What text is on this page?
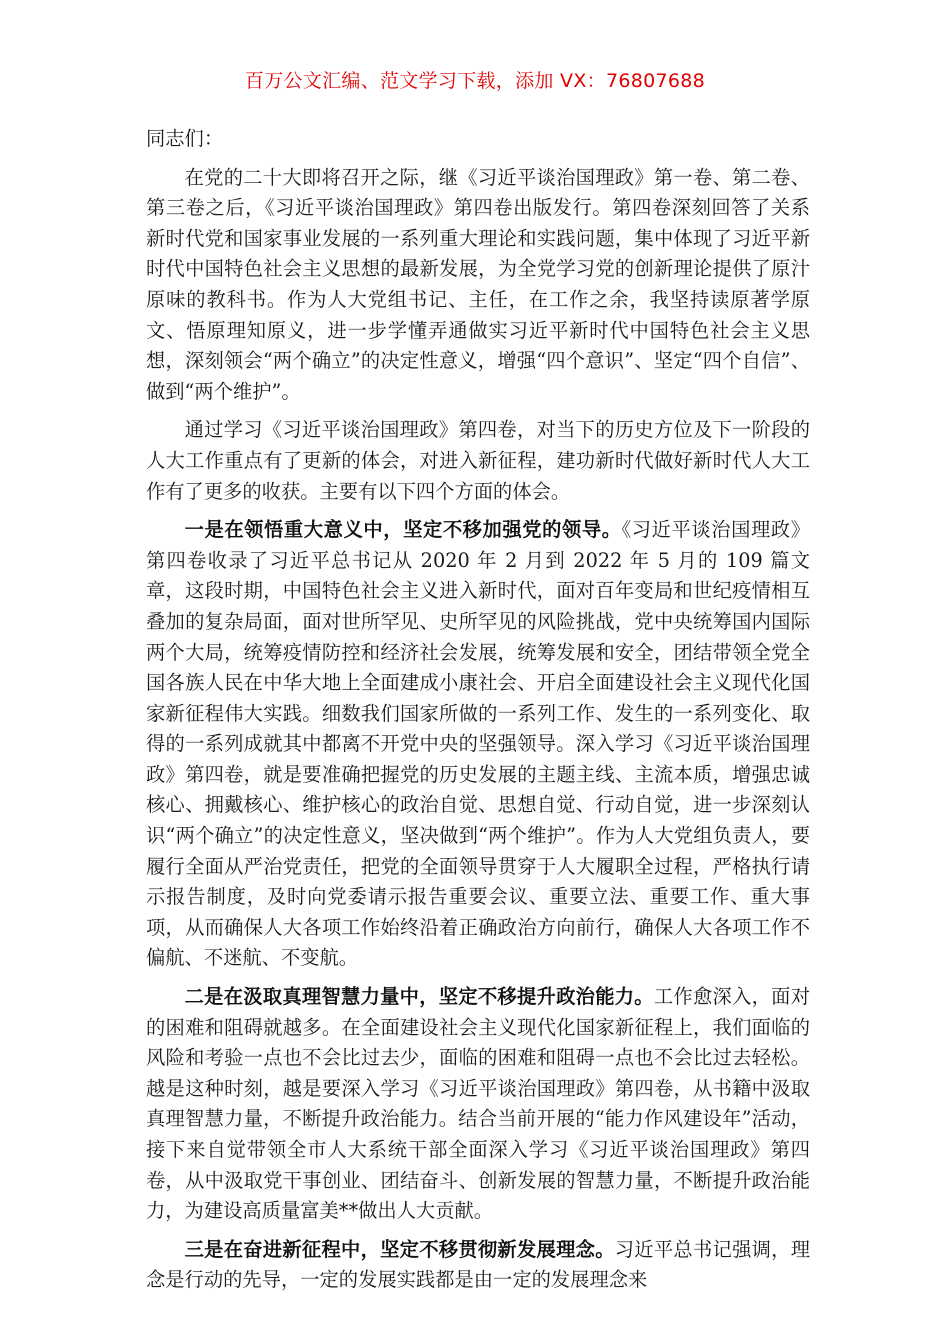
百万公文汇编、范文学习下载，添加 VX：76807688

同志们：

在党的二十大即将召开之际，继《习近平谈治国理政》第一卷、第二卷、第三卷之后，《习近平谈治国理政》第四卷出版发行。第四卷深刻回答了关系新时代党和国家事业发展的一系列重大理论和实践问题，集中体现了习近平新时代中国特色社会主义思想的最新发展，为全党学习党的创新理论提供了原汁原味的教科书。作为人大党组书记、主任，在工作之余，我坚持读原著学原文、悟原理知原义，进一步学懂弄通做实习近平新时代中国特色社会主义思想，深刻领会“两个确立”的决定性意义，增强“四个意识”、坚定“四个自信”、做到“两个维护”。

通过学习《习近平谈治国理政》第四卷，对当下的历史方位及下一阶段的人大工作重点有了更新的体会，对进入新征程，建功新时代做好新时代人大工作有了更多的收获。主要有以下四个方面的体会。

一是在领悟重大意义中，坚定不移加强党的领导。《习近平谈治国理政》第四卷收录了习近平总书记从 2020 年 2 月到 2022 年 5 月的 109 篇文章，这段时期，中国特色社会主义进入新时代，面对百年变局和世纪疫情相互叠加的复杂局面，面对世所罕见、史所罕见的风险挑战，党中央统筹国内国际两个大局，统筹疫情防控和经济社会发展，统筹发展和安全，团结带领全党全国各族人民在中华大地上全面建成小康社会、开启全面建设社会主义现代化国家新征程伟大实践。细数我们国家所做的一系列工作、发生的一系列变化、取得的一系列成就其中都离不开党中央的坚强领导。深入学习《习近平谈治国理政》第四卷，就是要准确把握党的历史发展的主题主线、主流本质，增强忠诚核心、拥戴核心、维护核心的政治自觉、思想自觉、行动自觉，进一步深刻认识“两个确立”的决定性意义，坚决做到“两个维护”。作为人大党组负责人，要履行全面从严治党责任，把党的全面领导贯穿于人大履职全过程，严格执行请示报告制度，及时向党委请示报告重要会议、重要立法、重要工作、重大事项，从而确保人大各项工作始终沿着正确政治方向前行，确保人大各项工作不偏航、不迷航、不变航。

二是在汲取真理智慧力量中，坚定不移提升政治能力。工作愈深入，面对的困难和阻碍就越多。在全面建设社会主义现代化国家新征程上，我们面临的风险和考验一点也不会比过去少，面临的困难和阻碍一点也不会比过去轻松。越是这种时刻，越是要深入学习《习近平谈治国理政》第四卷，从书籍中汲取真理智慧力量，不断提升政治能力。结合当前开展的“能力作风建设年”活动，接下来自觉带领全市人大系统干部全面深入学习《习近平谈治国理政》第四卷，从中汲取党干事创业、团结奋斗、创新发展的智慧力量，不断提升政治能力，为建设高质量富美**做出人大贡献。

三是在奋进新征程中，坚定不移贯彻新发展理念。习近平总书记强调，理念是行动的先导，一定的发展实践都是由一定的发展理念来
